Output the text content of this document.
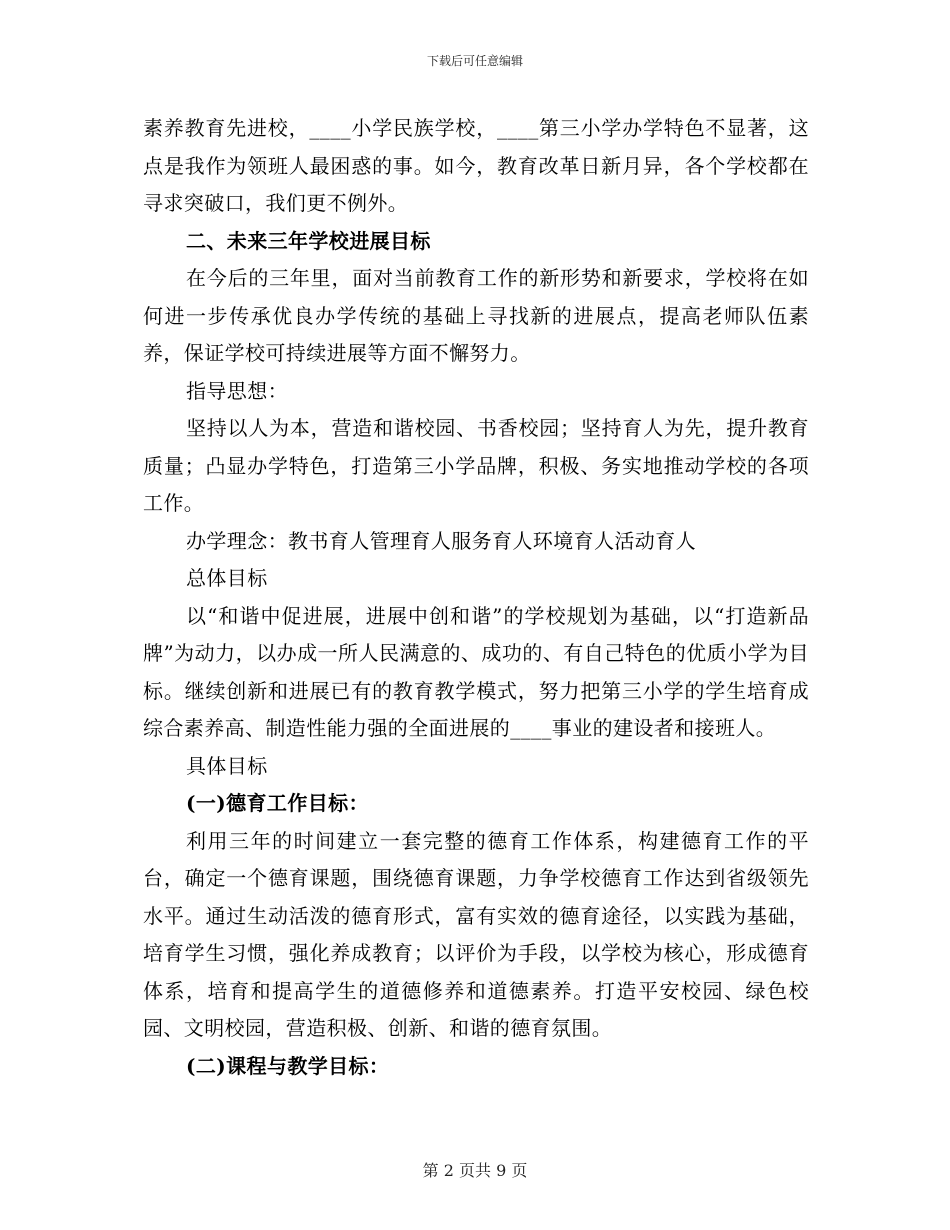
下载后可任意编辑

素养教育先进校，____小学民族学校，____第三小学办学特色不显著，这点是我作为领班人最困惑的事。如今，教育改革日新月异，各个学校都在寻求突破口，我们更不例外。

二、未来三年学校进展目标

在今后的三年里，面对当前教育工作的新形势和新要求，学校将在如何进一步传承优良办学传统的基础上寻找新的进展点，提高老师队伍素养，保证学校可持续进展等方面不懈努力。

指导思想：

坚持以人为本，营造和谐校园、书香校园；坚持育人为先，提升教育质量；凸显办学特色，打造第三小学品牌，积极、务实地推动学校的各项工作。

办学理念：教书育人管理育人服务育人环境育人活动育人

总体目标

以“和谐中促进展，进展中创和谐”的学校规划为基础，以“打造新品牌”为动力，以办成一所人民满意的、成功的、有自己特色的优质小学为目标。继续创新和进展已有的教育教学模式，努力把第三小学的学生培育成综合素养高、制造性能力强的全面进展的____事业的建设者和接班人。

具体目标

(一)德育工作目标：

利用三年的时间建立一套完整的德育工作体系，构建德育工作的平台，确定一个德育课题，围绕德育课题，力争学校德育工作达到省级领先水平。通过生动活泼的德育形式，富有实效的德育途径，以实践为基础，培育学生习惯，强化养成教育；以评价为手段，以学校为核心，形成德育体系，培育和提高学生的道德修养和道德素养。打造平安校园、绿色校园、文明校园，营造积极、创新、和谐的德育氛围。

(二)课程与教学目标：

第 2 页共 9 页
